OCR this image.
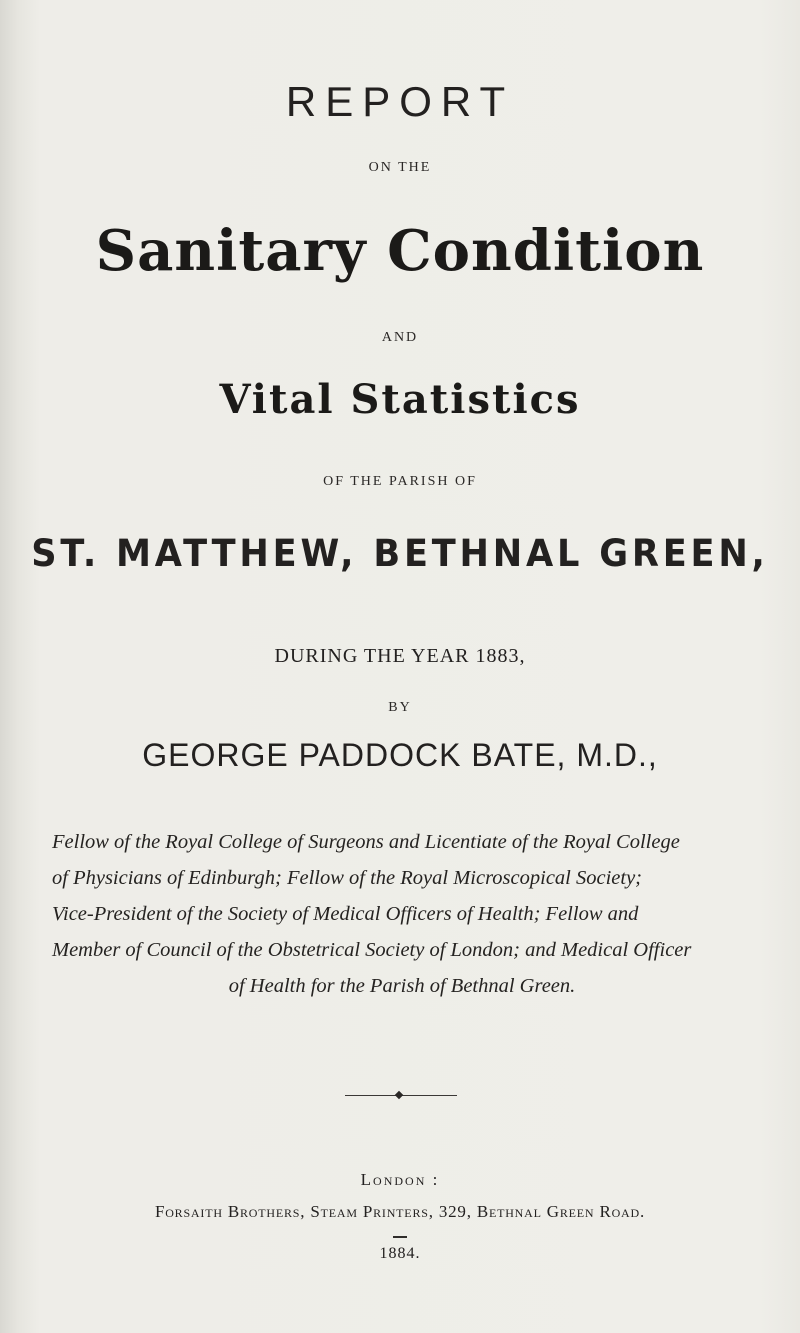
REPORT
ON THE
Sanitary Condition
AND
Vital Statistics
OF THE PARISH OF
ST. MATTHEW, BETHNAL GREEN,
DURING THE YEAR 1883,
BY
GEORGE PADDOCK BATE, M.D.,
Fellow of the Royal College of Surgeons and Licentiate of the Royal College
of Physicians of Edinburgh; Fellow of the Royal Microscopical Society;
Vice-President of the Society of Medical Officers of Health; Fellow and
Member of Council of the Obstetrical Society of London; and Medical Officer
of Health for the Parish of Bethnal Green.
London :
Forsaith Brothers, Steam Printers, 329, Bethnal Green Road.
1884.
